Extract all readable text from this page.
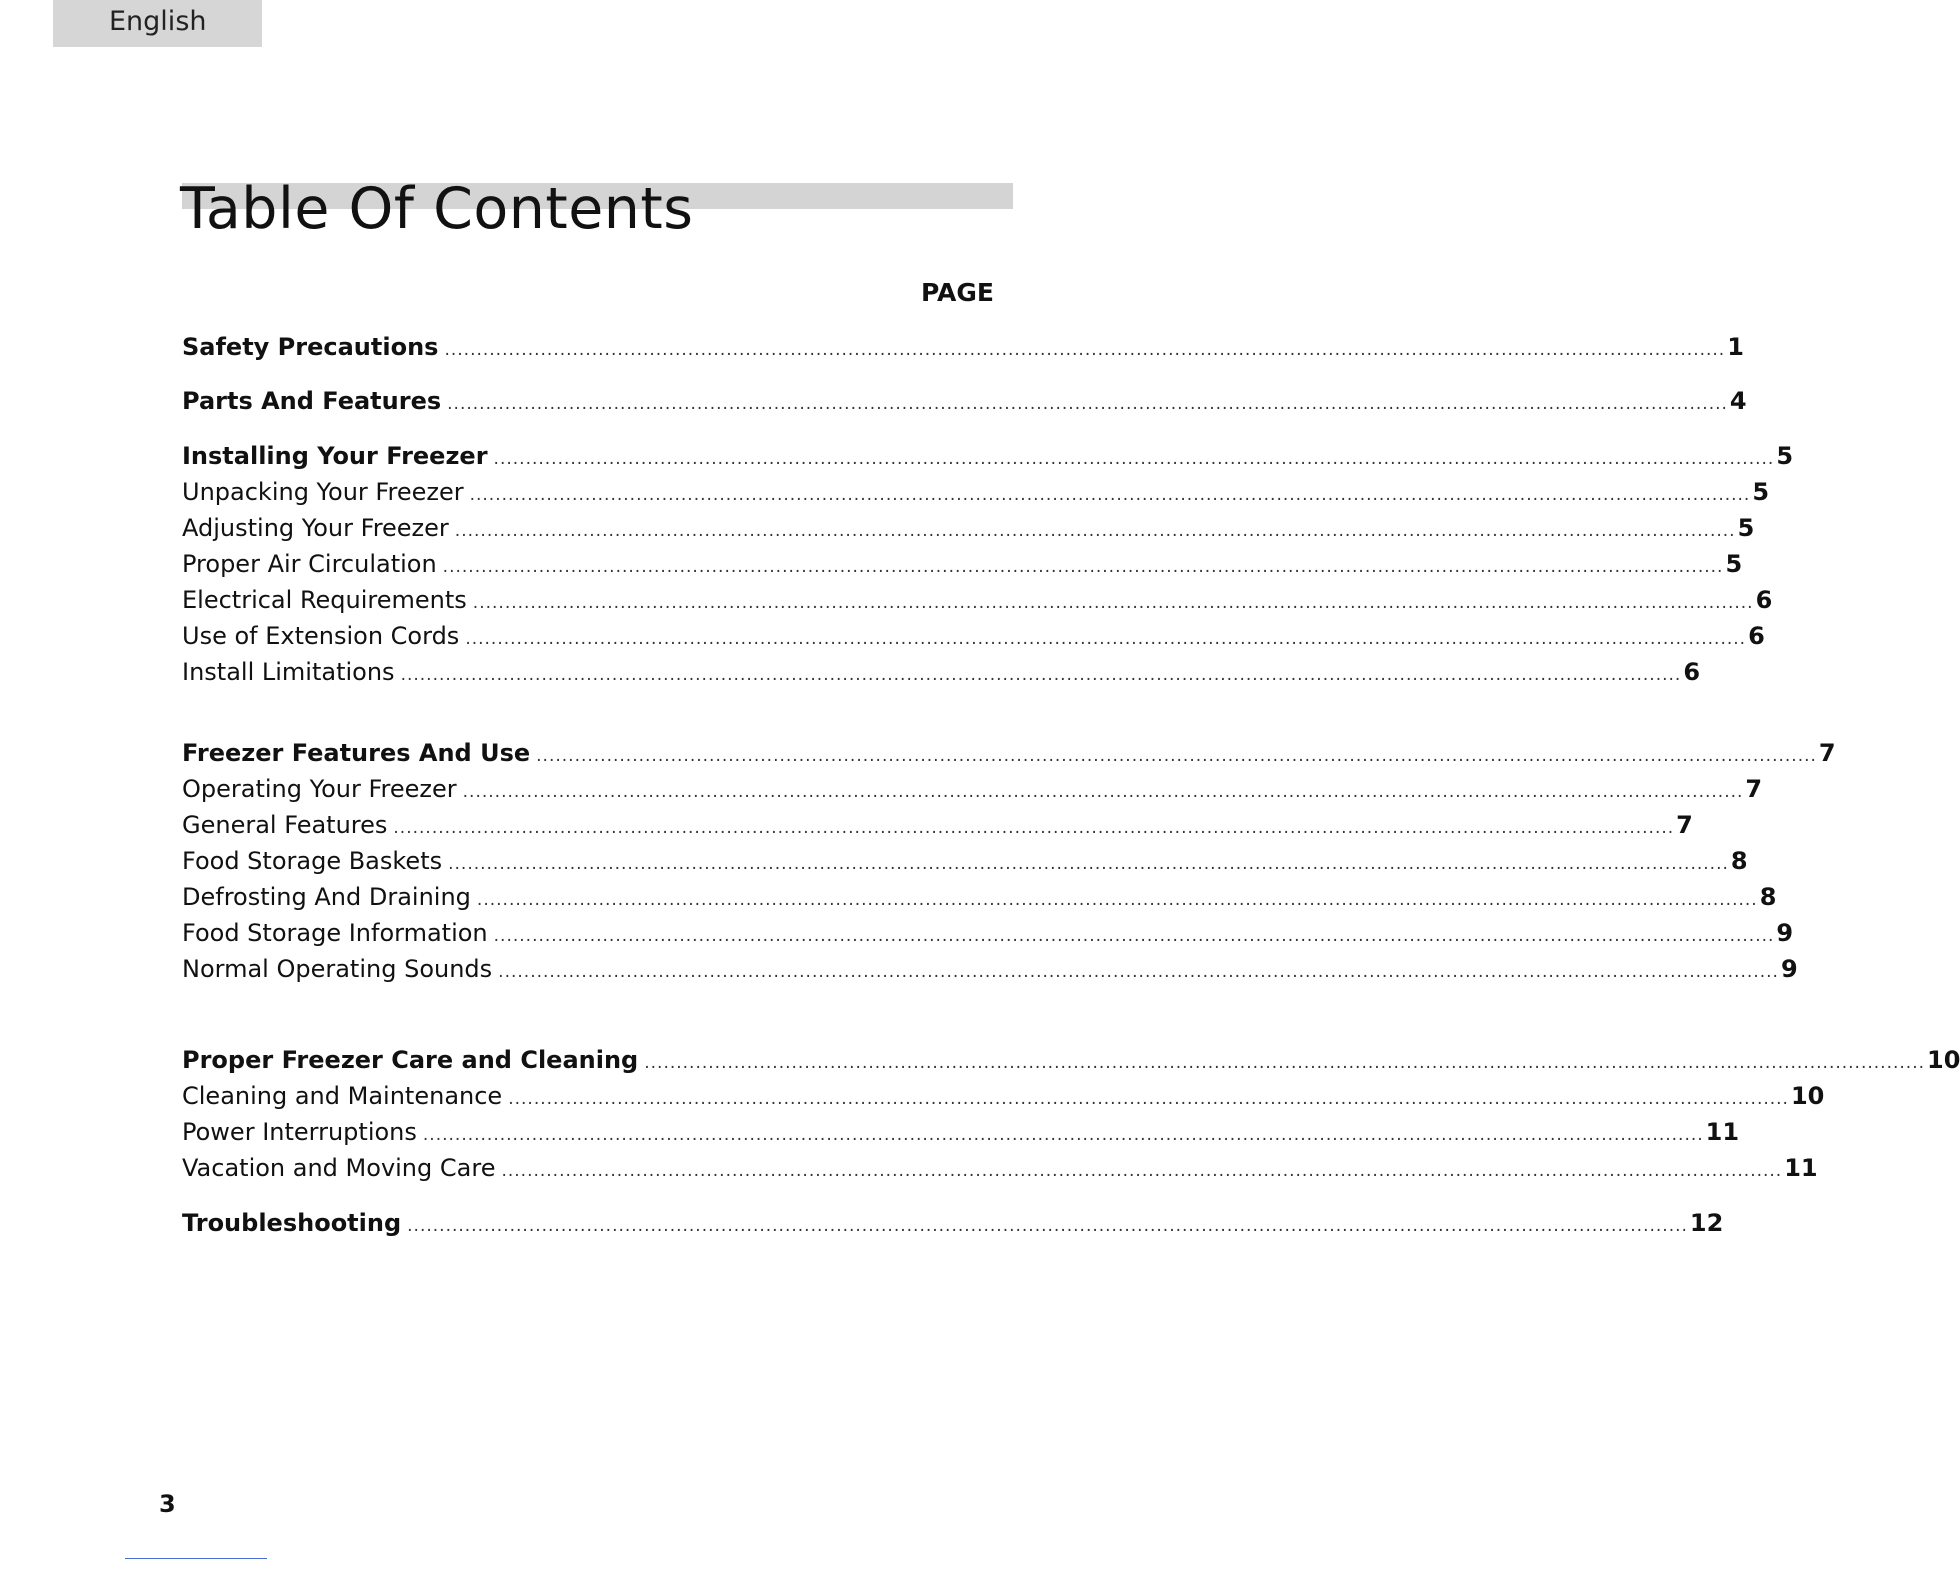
English
Table Of Contents
PAGE
Safety Precautions ........................................................................................................................................................................................................ 1
Parts And Features ........................................................................................................................................................................................................ 4
Installing Your Freezer ........................................................................................................................................................................................................ 5
Unpacking Your Freezer ........................................................................................................................................................................................................ 5
Adjusting Your Freezer ........................................................................................................................................................................................................ 5
Proper Air Circulation ........................................................................................................................................................................................................ 5
Electrical Requirements ........................................................................................................................................................................................................ 6
Use of Extension Cords ........................................................................................................................................................................................................ 6
Install Limitations ........................................................................................................................................................................................................ 6
Freezer Features And Use ........................................................................................................................................................................................................ 7
Operating Your Freezer ........................................................................................................................................................................................................ 7
General Features ........................................................................................................................................................................................................ 7
Food Storage Baskets ........................................................................................................................................................................................................ 8
Defrosting And Draining ........................................................................................................................................................................................................ 8
Food Storage Information ........................................................................................................................................................................................................ 9
Normal Operating Sounds ........................................................................................................................................................................................................ 9
Proper Freezer Care and Cleaning ........................................................................................................................................................................................................ 10
Cleaning and Maintenance ........................................................................................................................................................................................................ 10
Power Interruptions ........................................................................................................................................................................................................ 11
Vacation and Moving Care ........................................................................................................................................................................................................ 11
Troubleshooting ........................................................................................................................................................................................................ 12
3
